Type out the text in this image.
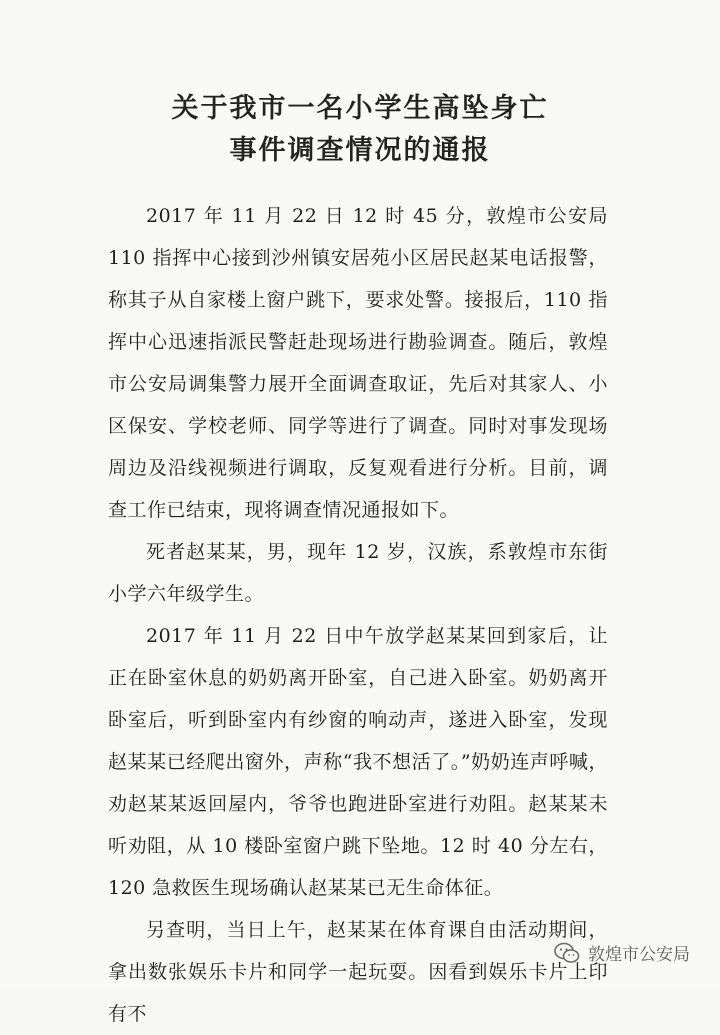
关于我市一名小学生高坠身亡
事件调查情况的通报

2017 年 11 月 22 日 12 时 45 分，敦煌市公安局 110 指挥中心接到沙州镇安居苑小区居民赵某电话报警，称其子从自家楼上窗户跳下，要求处警。接报后，110 指挥中心迅速指派民警赶赴现场进行勘验调查。随后，敦煌市公安局调集警力展开全面调查取证，先后对其家人、小区保安、学校老师、同学等进行了调查。同时对事发现场周边及沿线视频进行调取，反复观看进行分析。目前，调查工作已结束，现将调查情况通报如下。

死者赵某某，男，现年 12 岁，汉族，系敦煌市东街小学六年级学生。

2017 年 11 月 22 日中午放学赵某某回到家后，让正在卧室休息的奶奶离开卧室，自己进入卧室。奶奶离开卧室后，听到卧室内有纱窗的响动声，遂进入卧室，发现赵某某已经爬出窗外，声称“我不想活了。”奶奶连声呼喊，劝赵某某返回屋内，爷爷也跑进卧室进行劝阻。赵某某未听劝阻，从 10 楼卧室窗户跳下坠地。12 时 40 分左右，120 急救医生现场确认赵某某已无生命体征。

另查明，当日上午，赵某某在体育课自由活动期间，拿出数张娱乐卡片和同学一起玩耍。因看到娱乐卡片上印有不

敦煌市公安局
